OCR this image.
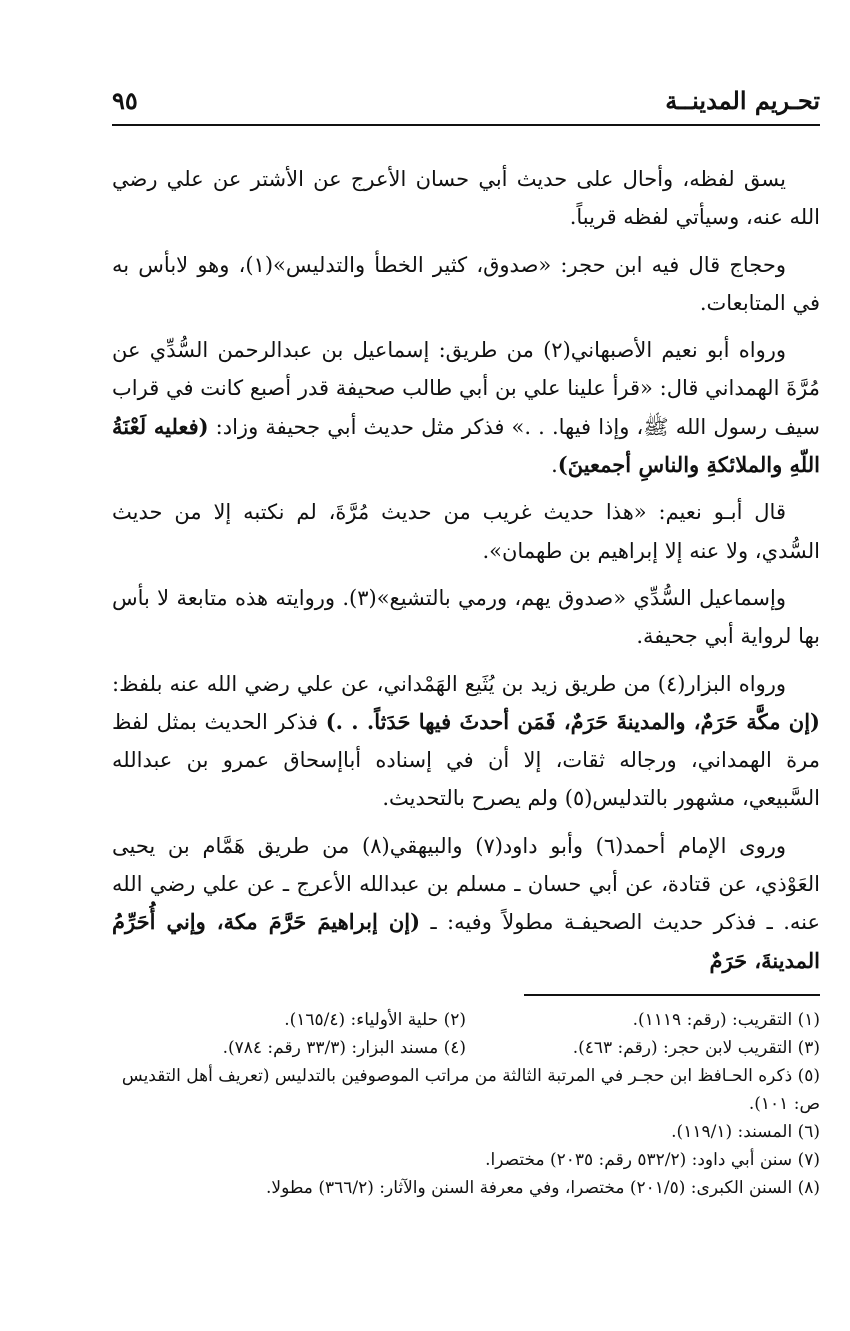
تحـريم المدينــة
٩٥

يسق لفظه، وأحال على حديث أبي حسان الأعرج عن الأشتر عن علي رضي الله عنه، وسيأتي لفظه قريباً.

وحجاج قال فيه ابن حجر: «صدوق، كثير الخطأ والتدليس»(١)، وهو لابأس به في المتابعات.

ورواه أبو نعيم الأصبهاني(٢) من طريق: إسماعيل بن عبدالرحمن السُّدِّي عن مُرَّةَ الهمداني قال: «قرأ علينا علي بن أبي طالب صحيفة قدر أصبع كانت في قراب سيف رسول الله ﷺ، وإذا فيها. . .» فذكر مثل حديث أبي جحيفة وزاد: (فعليه لَعْنَةُ اللّهِ والملائكةِ والناسِ أجمعينَ).

قال أبـو نعيم: «هذا حديث غريب من حديث مُرَّةَ، لم نكتبه إلا من حديث السُّدي، ولا عنه إلا إبراهيم بن طهمان».

وإسماعيل السُّدِّي «صدوق يهم، ورمي بالتشيع»(٣). وروايته هذه متابعة لا بأس بها لرواية أبي جحيفة.

ورواه البزار(٤) من طريق زيد بن يُثَيع الهَمْداني، عن علي رضي الله عنه بلفظ: (إن مكَّة حَرَمٌ، والمدينةَ حَرَمٌ، فَمَن أحدثَ فيها حَدَثاً. . .) فذكر الحديث بمثل لفظ مرة الهمداني، ورجاله ثقات، إلا أن في إسناده أباإسحاق عمرو بن عبدالله السَّبيعي، مشهور بالتدليس(٥) ولم يصرح بالتحديث.

وروى الإمام أحمد(٦) وأبو داود(٧) والبيهقي(٨) من طريق هَمَّام بن يحيى العَوْذي، عن قتادة، عن أبي حسان ـ مسلم بن عبدالله الأعرج ـ عن علي رضي الله عنه. ـ فذكر حديث الصحيفـة مطولاً وفيه: ـ (إن إبراهيمَ حَرَّمَ مكة، وإني أُحَرِّمُ المدينةَ، حَرَمٌ

(١) التقريب: (رقم: ١١١٩).
(٢) حلية الأولياء: (١٦٥/٤).
(٣) التقريب لابن حجر: (رقم: ٤٦٣).
(٤) مسند البزار: (٣٣/٣ رقم: ٧٨٤).
(٥) ذكره الحـافظ ابن حجـر في المرتبة الثالثة من مراتب الموصوفين بالتدليس (تعريف أهل التقديس ص: ١٠١).
(٦) المسند: (١١٩/١).
(٧) سنن أبي داود: (٥٣٢/٢ رقم: ٢٠٣٥) مختصرا.
(٨) السنن الكبرى: (٢٠١/٥) مختصرا، وفي معرفة السنن والآثار: (٣٦٦/٢) مطولا.
